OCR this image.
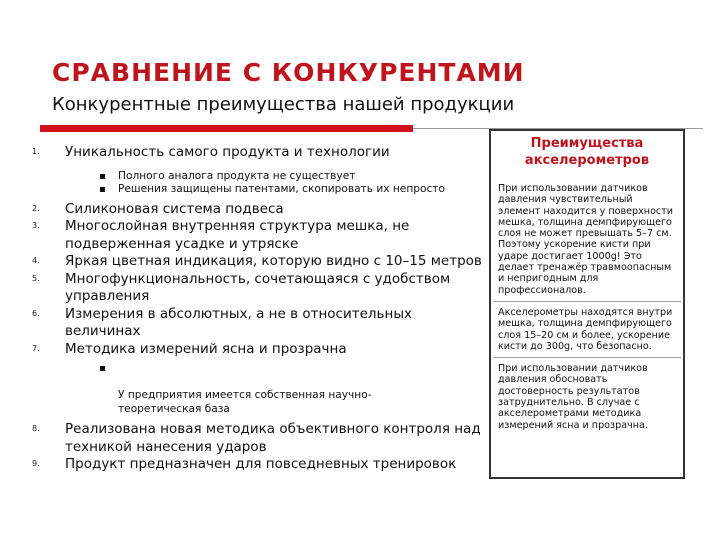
СРАВНЕНИЕ С КОНКУРЕНТАМИ
Конкурентные преимущества нашей продукции
1. Уникальность самого продукта и технологии
Полного аналога продукта не существует
Решения защищены патентами, скопировать их непросто
2. Силиконовая система подвеса
3. Многослойная внутренняя структура мешка, не подверженная усадке и утряске
4. Яркая цветная индикация, которую видно с 10–15 метров
5. Многофункциональность, сочетающаяся с удобством управления
6. Измерения в абсолютных, а не в относительных величинах
7. Методика измерений ясна и прозрачна

У предприятия имеется собственная научно-
теоретическая база

8. Реализована новая методика объективного контроля над техникой нанесения ударов
9. Продукт предназначен для повседневных тренировок
Преимущества акселерометров
При использовании датчиков давления чувствительный элемент находится у поверхности мешка, толщина демпфирующего слоя не может превышать 5–7 см. Поэтому ускорение кисти при ударе достигает 1000g! Это делает тренажёр травмоопасным и непригодным для профессионалов.
Акселерометры находятся внутри мешка, толщина демпфирующего слоя 15–20 см и более, ускорение кисти до 300g, что безопасно.
При использовании датчиков давления обосновать достоверность результатов затруднительно. В случае с акселерометрами методика измерений ясна и прозрачна.
